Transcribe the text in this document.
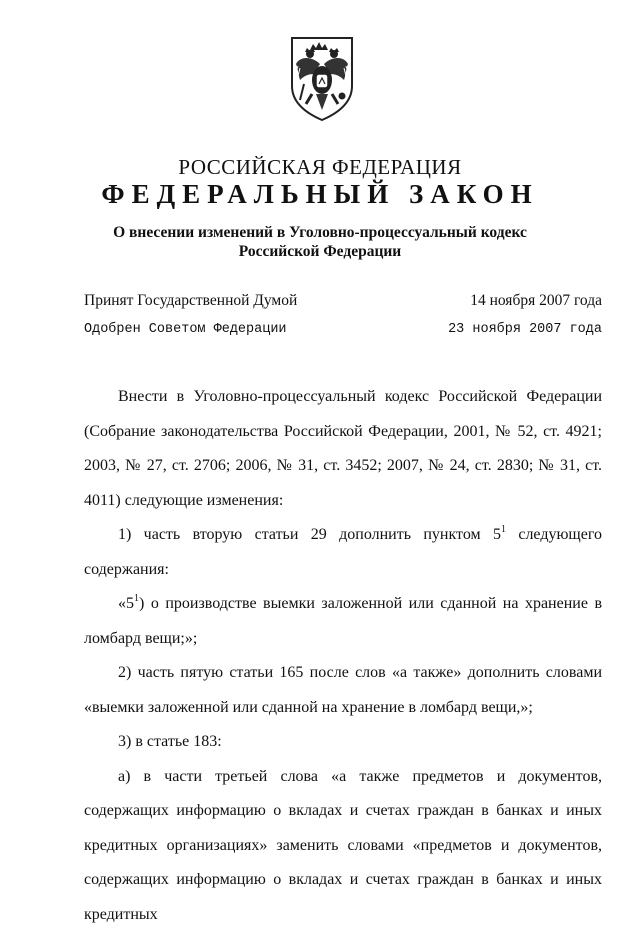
РОССИЙСКАЯ ФЕДЕРАЦИЯ
ФЕДЕРАЛЬНЫЙ ЗАКОН
О внесении изменений в Уголовно-процессуальный кодекс
Российской Федерации
Принят Государственной Думой	14 ноября 2007 года
Одобрен Советом Федерации	23 ноября 2007 года

Внести в Уголовно-процессуальный кодекс Российской Федерации (Собрание законодательства Российской Федерации, 2001, № 52, ст. 4921; 2003, № 27, ст. 2706; 2006, № 31, ст. 3452; 2007, № 24, ст. 2830; № 31, ст. 4011) следующие изменения:

1) часть вторую статьи 29 дополнить пунктом $5^1$ следующего содержания:

«$5^1$) о производстве выемки заложенной или сданной на хранение в ломбард вещи;»;

2) часть пятую статьи 165 после слов «а также» дополнить словами «выемки заложенной или сданной на хранение в ломбард вещи,»;

3) в статье 183:

а) в части третьей слова «а также предметов и документов, содержащих информацию о вкладах и счетах граждан в банках и иных кредитных организациях» заменить словами «предметов и документов, содержащих информацию о вкладах и счетах граждан в банках и иных кредитных
